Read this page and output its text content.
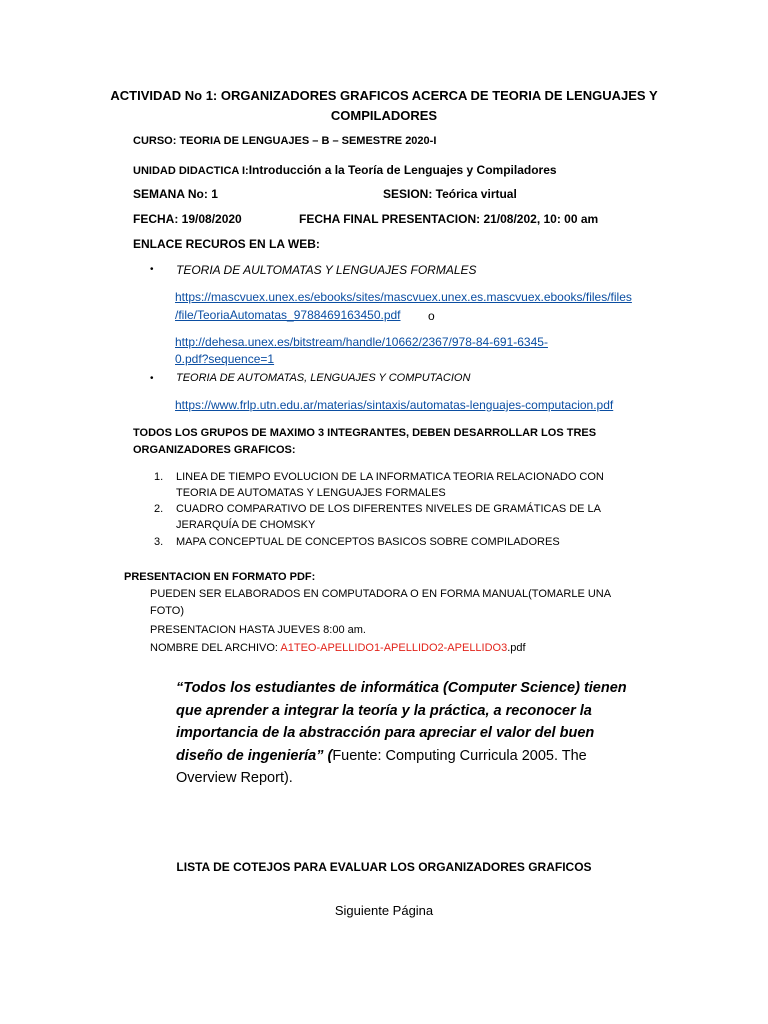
ACTIVIDAD No 1: ORGANIZADORES GRAFICOS ACERCA DE TEORIA DE LENGUAJES Y COMPILADORES
CURSO: TEORIA DE LENGUAJES – B – SEMESTRE 2020-I
UNIDAD DIDACTICA I:Introducción a la Teoría de Lenguajes y Compiladores
SEMANA No: 1	SESION: Teórica virtual
FECHA: 19/08/2020	FECHA FINAL PRESENTACION: 21/08/202, 10: 00 am
ENLACE RECUROS EN LA WEB:
• TEORIA DE AULTOMATAS Y LENGUAJES FORMALES
https://mascvuex.unex.es/ebooks/sites/mascvuex.unex.es.mascvuex.ebooks/files/files
/file/TeoriaAutomatas_9788469163450.pdf o
http://dehesa.unex.es/bitstream/handle/10662/2367/978-84-691-6345-
0.pdf?sequence=1
• TEORIA DE AUTOMATAS, LENGUAJES Y COMPUTACION
https://www.frlp.utn.edu.ar/materias/sintaxis/automatas-lenguajes-computacion.pdf
TODOS LOS GRUPOS DE MAXIMO 3 INTEGRANTES, DEBEN DESARROLLAR LOS TRES
ORGANIZADORES GRAFICOS:
1. LINEA DE TIEMPO EVOLUCION DE LA INFORMATICA TEORIA RELACIONADO CON
TEORIA DE AUTOMATAS Y LENGUAJES FORMALES
2. CUADRO COMPARATIVO DE LOS DIFERENTES NIVELES DE GRAMÁTICAS DE LA
JERARQUÍA DE CHOMSKY
3. MAPA CONCEPTUAL DE CONCEPTOS BASICOS SOBRE COMPILADORES
PRESENTACION EN FORMATO PDF:
PUEDEN SER ELABORADOS EN COMPUTADORA O EN FORMA MANUAL(TOMARLE UNA
FOTO)
PRESENTACION HASTA JUEVES 8:00 am.
NOMBRE DEL ARCHIVO: A1TEO-APELLIDO1-APELLIDO2-APELLIDO3.pdf
“Todos los estudiantes de informática (Computer Science) tienen que aprender a integrar la teoría y la práctica, a reconocer la importancia de la abstracción para apreciar el valor del buen diseño de ingeniería” (Fuente: Computing Curricula 2005. The Overview Report).
LISTA DE COTEJOS PARA EVALUAR LOS ORGANIZADORES GRAFICOS
Siguiente Página
